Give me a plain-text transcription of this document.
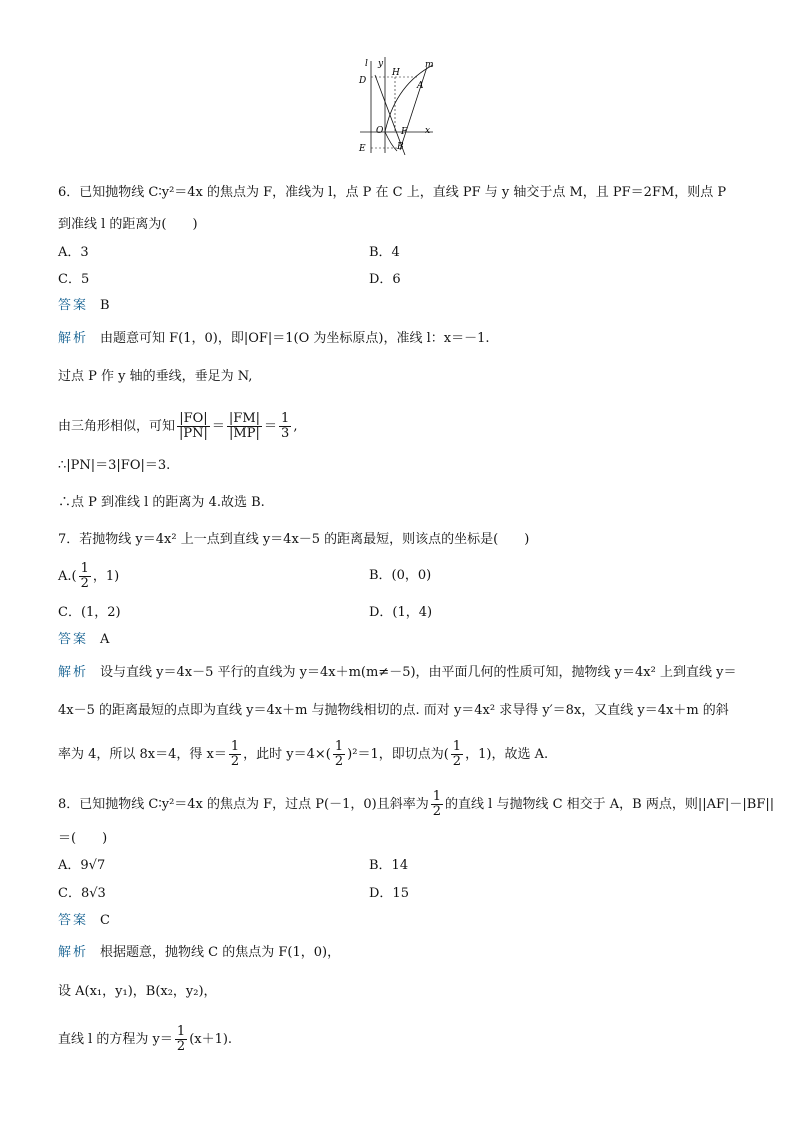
l y	m
D
H
A
O F x
E	B
6．已知抛物线 C∶y²＝4x 的焦点为 F，准线为 l，点 P 在 C 上，直线 PF 与 y 轴交于点 M，且 PF＝2FM，则点 P
到准线 l 的距离为(　　)
A．3	B．4
C．5	D．6
答案 B
解析 由题意可知 F(1，0)，即|OF|＝1(O 为坐标原点)，准线 l：x＝－1.
过点 P 作 y 轴的垂线，垂足为 N,
由三角形相似，可知 $\frac{|FO|}{|PN|} = \frac{|FM|}{|MP|} = \frac{1}{3}$ ,
∴|PN|＝3|FO|＝3.
∴点 P 到准线 l 的距离为 4.故选 B.
7．若抛物线 y＝4x² 上一点到直线 y＝4x－5 的距离最短，则该点的坐标是(　　)
$A.( \frac{1}{2}$ ，1)	B．(0，0)
C．(1，2)	D．(1，4)
答案 A
解析 设与直线 y＝4x－5 平行的直线为 y＝4x＋m(m≠－5)，由平面几何的性质可知，抛物线 y＝4x² 上到直线 y＝
4x－5 的距离最短的点即为直线 y＝4x＋m 与抛物线相切的点. 而对 y＝4x² 求导得 y′＝8x，又直线 y＝4x＋m 的斜
率为 4，所以 8x＝4，得 $x= \frac{1}{2}$ ，此时 $y=4\times( \frac{1}{2} )^2=1$，即切点为( $\frac{1}{2}$ ，1)，故选 A.
8．已知抛物线 C∶y²＝4x 的焦点为 F，过点 P(－1，0)且斜率为 $\frac{1}{2}$ 的直线 l 与抛物线 C 相交于 A，B 两点，则||AF|－|BF||
＝(　　)
A．9√7	B．14
C．8√3	D．15
答案 C
解析 根据题意，抛物线 C 的焦点为 F(1，0)，
设 A(x₁，y₁)，B(x₂，y₂)，
直线 l 的方程为 $y= \frac{1}{2} (x+1)$.
